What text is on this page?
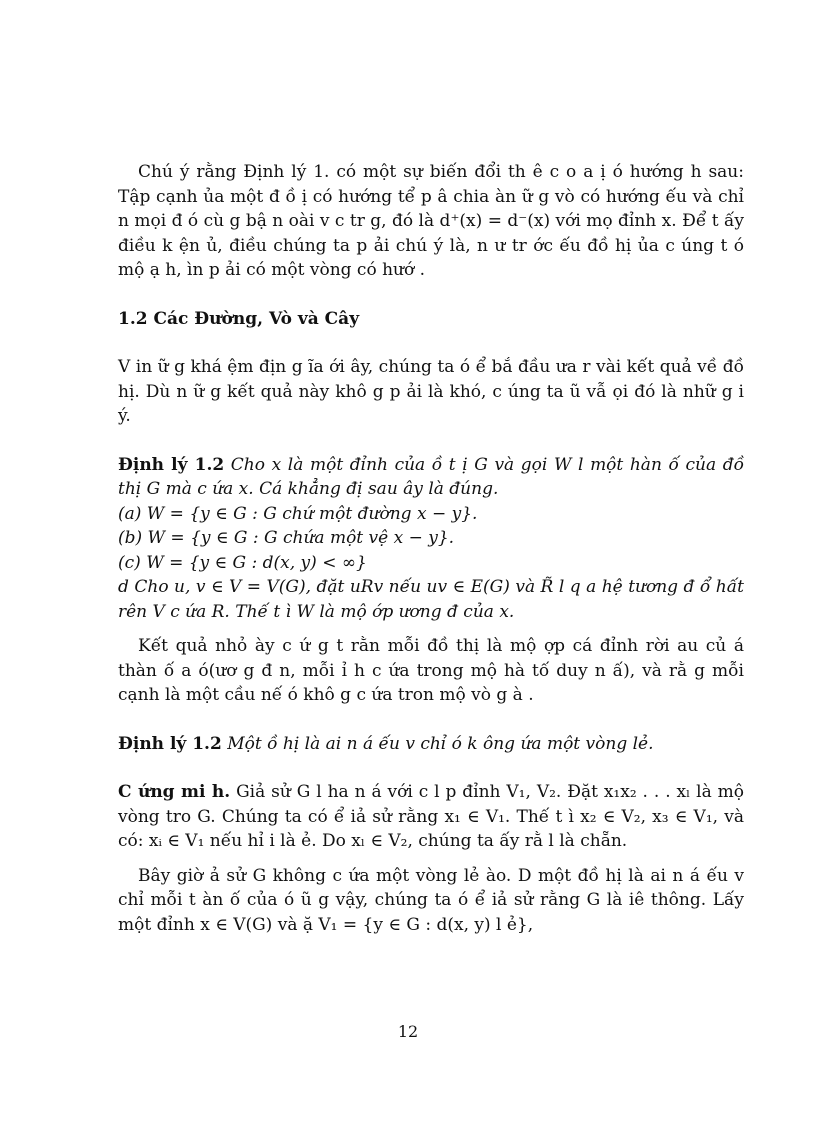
Chú ý rằng Định lý 1. có một sự biến đổi th ê c o a ị ó hướng h sau: Tập cạnh ủa một đ ồ ị có hướng tể p â chia àn ữ g vò có hướng ếu và chỉ n mọi đ ó cù g bậ n oài v c tr g, đó là d⁺(x) = d⁻(x) với mọ đỉnh x. Để t ấy điều k ện ủ, điều chúng ta p ải chú ý là, n ư tr ớc ếu đồ hị ủa c úng t ó mộ ạ h, ìn p ải có một vòng có hướ .

1.2 Các Đường, Vò và Cây

V in ữ g khá ệm địn g ĩa ới ây, chúng ta ó ể bắ đầu ưa r vài kết quả về đồ hị. Dù n ữ g kết quả này khô g p ải là khó, c úng ta ũ vẫ ọi đó là nhữ g i ý.

Định lý 1.2 Cho x là một đỉnh của ồ t ị G và gọi W l một hàn ố của đồ thị G mà c ứa x. Cá khẳng đị sau ây là đúng.

(a) W = {y ∈ G : G chứ một đường x − y}.

(b) W = {y ∈ G : G chứa một vệ x − y}.

(c) W = {y ∈ G : d(x, y) < ∞}

d Cho u, v ∈ V = V(G), đặt uRv nếu uv ∈ E(G) và R̃ l q a hệ tương đ ổ hất rên V c ứa R. Thế t ì W là mộ ớp ương đ của x.

Kết quả nhỏ ày c ứ g t rằn mỗi đồ thị là mộ ợp cá đỉnh rời au củ á thàn ố a ó(ươ g đ n, mỗi ỉ h c ứa trong mộ hà tố duy n ấ), và rằ g mỗi cạnh là một cầu nế ó khô g c ứa tron mộ vò g à .

Định lý 1.2 Một ồ hị là ai n á ếu v chỉ ó k ông ứa một vòng lẻ.

C ứng mi h. Giả sử G l ha n á với c l p đỉnh V₁, V₂. Đặt x₁x₂ . . . xₗ là mộ vòng tro G. Chúng ta có ể iả sử rằng x₁ ∈ V₁. Thế t ì x₂ ∈ V₂, x₃ ∈ V₁, và có: xᵢ ∈ V₁ nếu hỉ i là ẻ. Do xₗ ∈ V₂, chúng ta ấy rằ l là chẵn.

Bây giờ ả sử G không c ứa một vòng lẻ ào. D một đồ hị là ai n á ếu v chỉ mỗi t àn ố của ó ũ g vậy, chúng ta ó ể iả sử rằng G là iê thông. Lấy một đỉnh x ∈ V(G) và ặ V₁ = {y ∈ G : d(x, y) l ẻ},

12
